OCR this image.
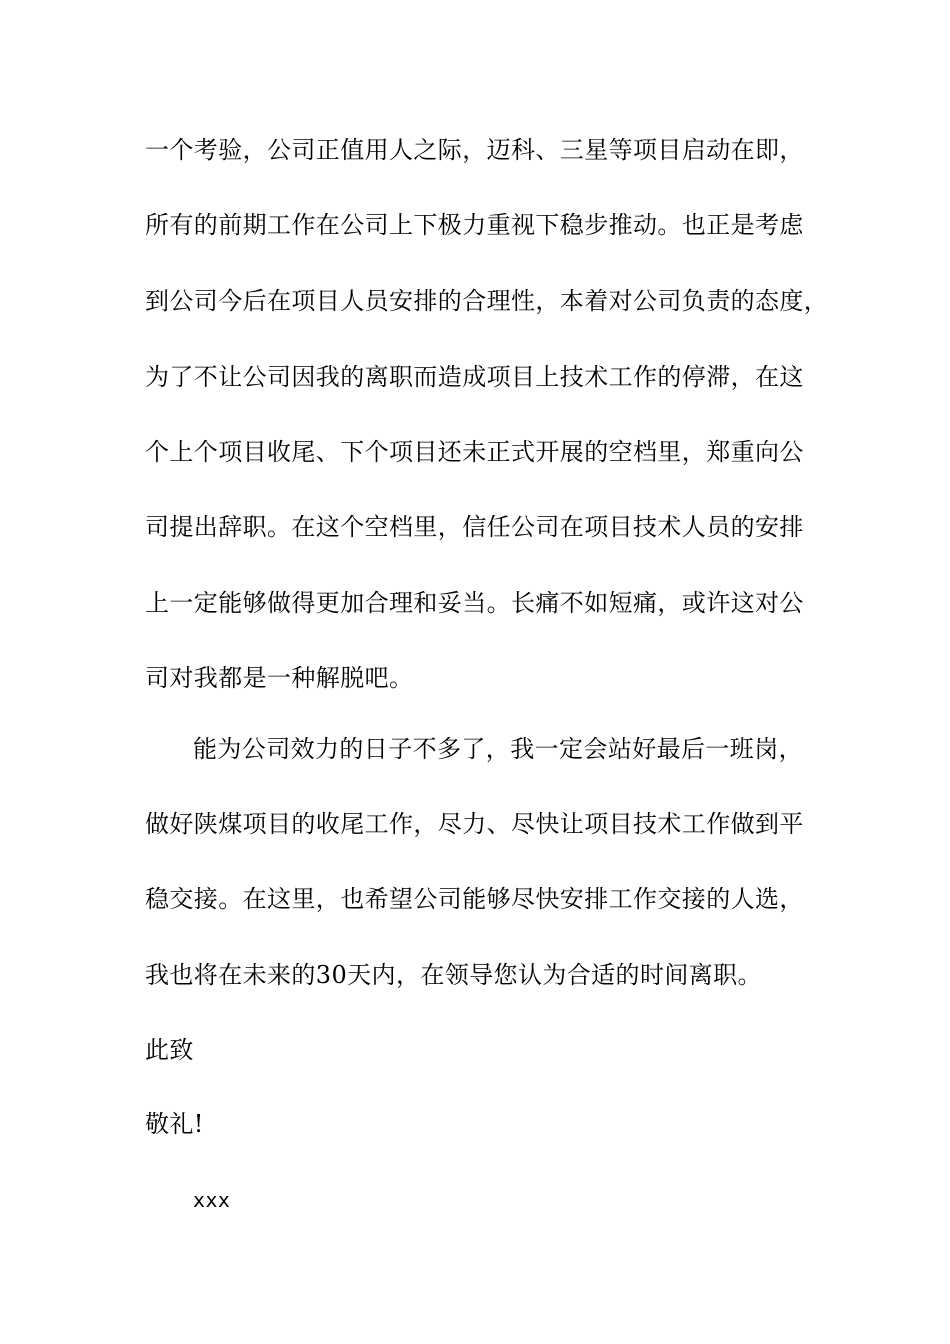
一个考验，公司正值用人之际，迈科、三星等项目启动在即，
所有的前期工作在公司上下极力重视下稳步推动。也正是考虑
到公司今后在项目人员安排的合理性，本着对公司负责的态度，
为了不让公司因我的离职而造成项目上技术工作的停滞，在这
个上个项目收尾、下个项目还未正式开展的空档里，郑重向公
司提出辞职。在这个空档里，信任公司在项目技术人员的安排
上一定能够做得更加合理和妥当。长痛不如短痛，或许这对公
司对我都是一种解脱吧。
能为公司效力的日子不多了，我一定会站好最后一班岗，
做好陕煤项目的收尾工作，尽力、尽快让项目技术工作做到平
稳交接。在这里，也希望公司能够尽快安排工作交接的人选，
我也将在未来的30天内，在领导您认为合适的时间离职。
此致
敬礼!
xxx
